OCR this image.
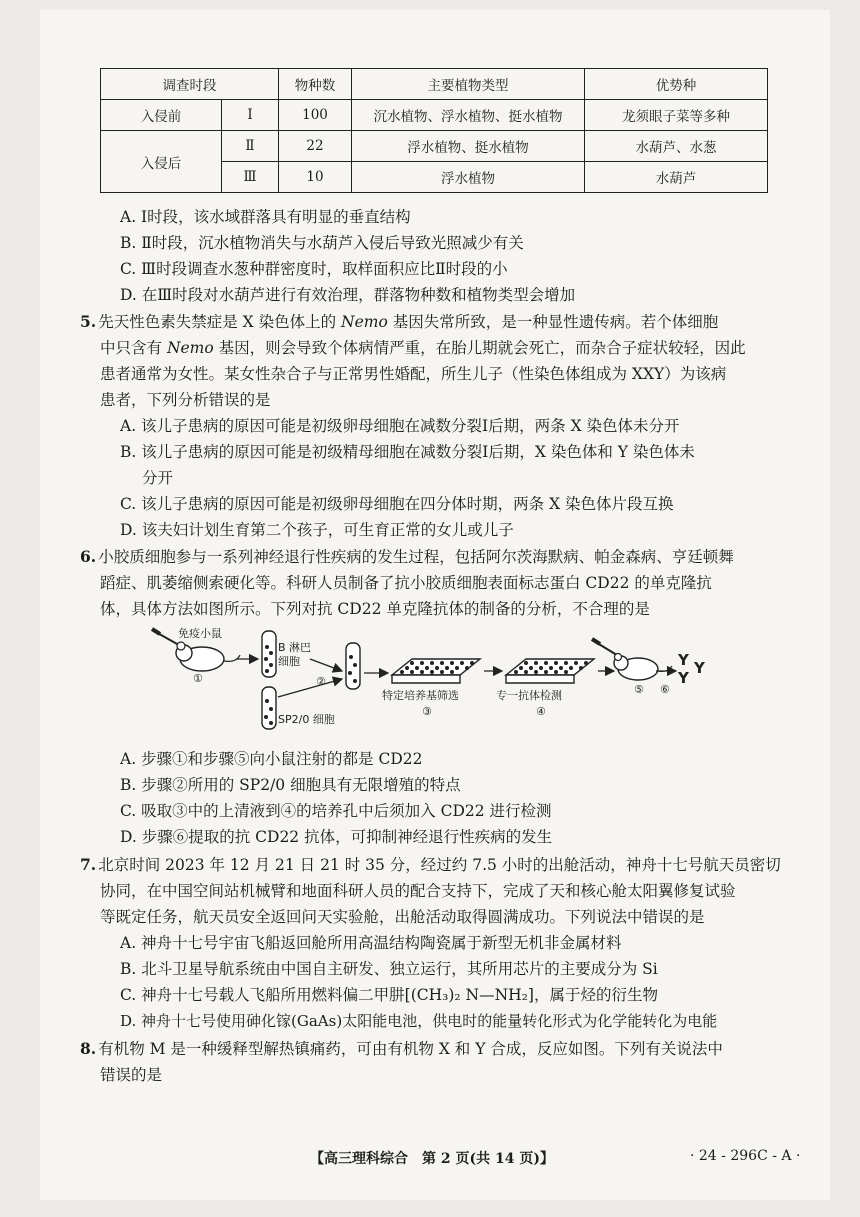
调查时段		物种数	主要植物类型	优势种
入侵前	Ⅰ	100	沉水植物、浮水植物、挺水植物	龙须眼子菜等多种
入侵后	Ⅱ	22	浮水植物、挺水植物	水葫芦、水葱
	Ⅲ	10	浮水植物	水葫芦
A. Ⅰ时段，该水域群落具有明显的垂直结构
B. Ⅱ时段，沉水植物消失与水葫芦入侵后导致光照减少有关
C. Ⅲ时段调查水葱种群密度时，取样面积应比Ⅱ时段的小
D. 在Ⅲ时段对水葫芦进行有效治理，群落物种数和植物类型会增加
5. 先天性色素失禁症是 X 染色体上的 Nemo 基因失常所致，是一种显性遗传病。若个体细胞
中只含有 Nemo 基因，则会导致个体病情严重，在胎儿期就会死亡，而杂合子症状较轻，因此
患者通常为女性。某女性杂合子与正常男性婚配，所生儿子（性染色体组成为 XXY）为该病
患者，下列分析错误的是
A. 该儿子患病的原因可能是初级卵母细胞在减数分裂Ⅰ后期，两条 X 染色体未分开
B. 该儿子患病的原因可能是初级精母细胞在减数分裂Ⅰ后期，X 染色体和 Y 染色体未
分开
C. 该儿子患病的原因可能是初级卵母细胞在四分体时期，两条 X 染色体片段互换
D. 该夫妇计划生育第二个孩子，可生育正常的女儿或儿子
6. 小胶质细胞参与一系列神经退行性疾病的发生过程，包括阿尔茨海默病、帕金森病、亨廷顿舞
蹈症、肌萎缩侧索硬化等。科研人员制备了抗小胶质细胞表面标志蛋白 CD22 的单克隆抗
体，具体方法如图所示。下列对抗 CD22 单克隆抗体的制备的分析，不合理的是
免疫小鼠
①
B 淋巴
细胞
SP2/0 细胞
②
特定培养基筛选
③
专一抗体检测
④
⑤ ⑥
Y Y
Y
A. 步骤①和步骤⑤向小鼠注射的都是 CD22
B. 步骤②所用的 SP2/0 细胞具有无限增殖的特点
C. 吸取③中的上清液到④的培养孔中后须加入 CD22 进行检测
D. 步骤⑥提取的抗 CD22 抗体，可抑制神经退行性疾病的发生
7. 北京时间 2023 年 12 月 21 日 21 时 35 分，经过约 7.5 小时的出舱活动，神舟十七号航天员密切
协同，在中国空间站机械臂和地面科研人员的配合支持下，完成了天和核心舱太阳翼修复试验
等既定任务，航天员安全返回问天实验舱，出舱活动取得圆满成功。下列说法中错误的是
A. 神舟十七号宇宙飞船返回舱所用高温结构陶瓷属于新型无机非金属材料
B. 北斗卫星导航系统由中国自主研发、独立运行，其所用芯片的主要成分为 Si
C. 神舟十七号载人飞船所用燃料偏二甲肼[(CH₃)₂ N—NH₂]，属于烃的衍生物
D. 神舟十七号使用砷化镓(GaAs)太阳能电池，供电时的能量转化形式为化学能转化为电能
8. 有机物 M 是一种缓释型解热镇痛药，可由有机物 X 和 Y 合成，反应如图。下列有关说法中
错误的是
【高三理科综合　第 2 页(共 14 页)】	· 24 - 296C - A ·
